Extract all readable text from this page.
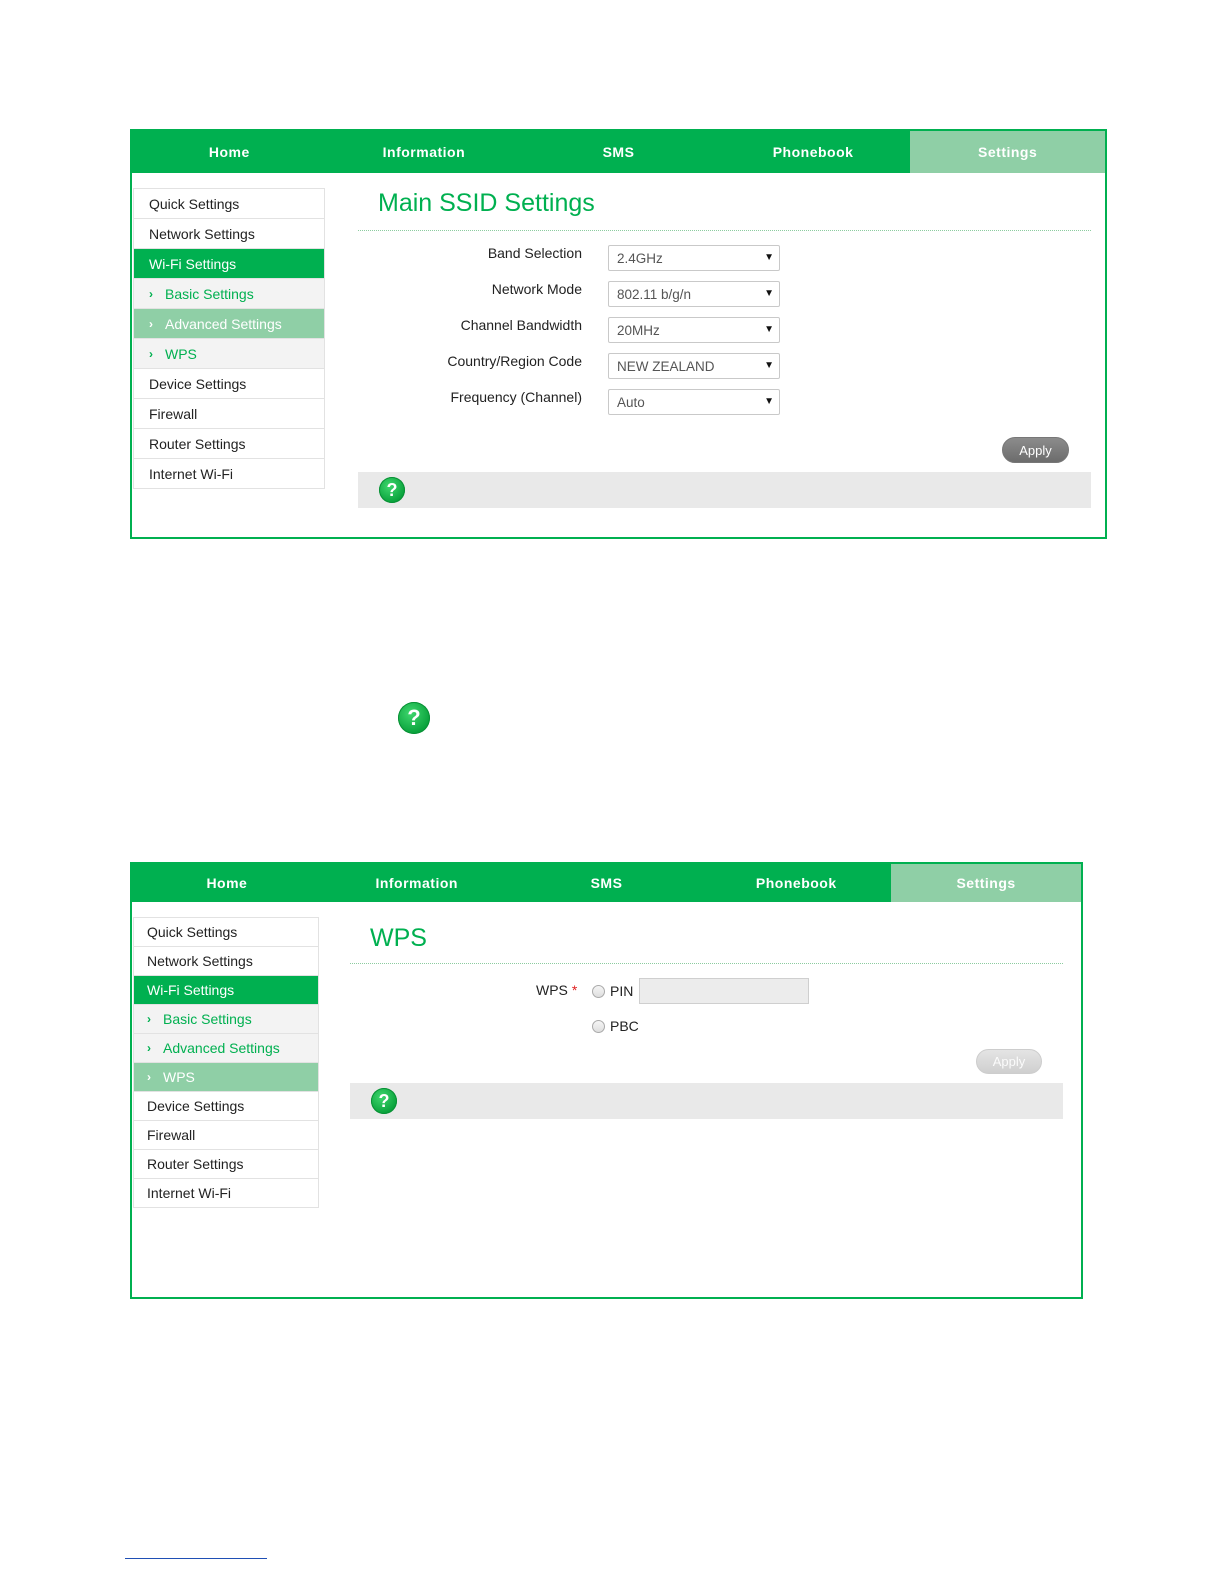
Home	Information	SMS	Phonebook	Settings
Quick Settings
Network Settings
Wi-Fi Settings
› Basic Settings
› Advanced Settings
› WPS
Device Settings
Firewall
Router Settings
Internet Wi-Fi
Main SSID Settings
Band Selection	2.4GHz	▼
Network Mode	802.11 b/g/n	▼
Channel Bandwidth	20MHz	▼
Country/Region Code	NEW ZEALAND	▼
Frequency (Channel)	Auto	▼
Apply
?
?
Home	Information	SMS	Phonebook	Settings
Quick Settings
Network Settings
Wi-Fi Settings
› Basic Settings
› Advanced Settings
› WPS
Device Settings
Firewall
Router Settings
Internet Wi-Fi
WPS
WPS * PIN
PBC
Apply
?
